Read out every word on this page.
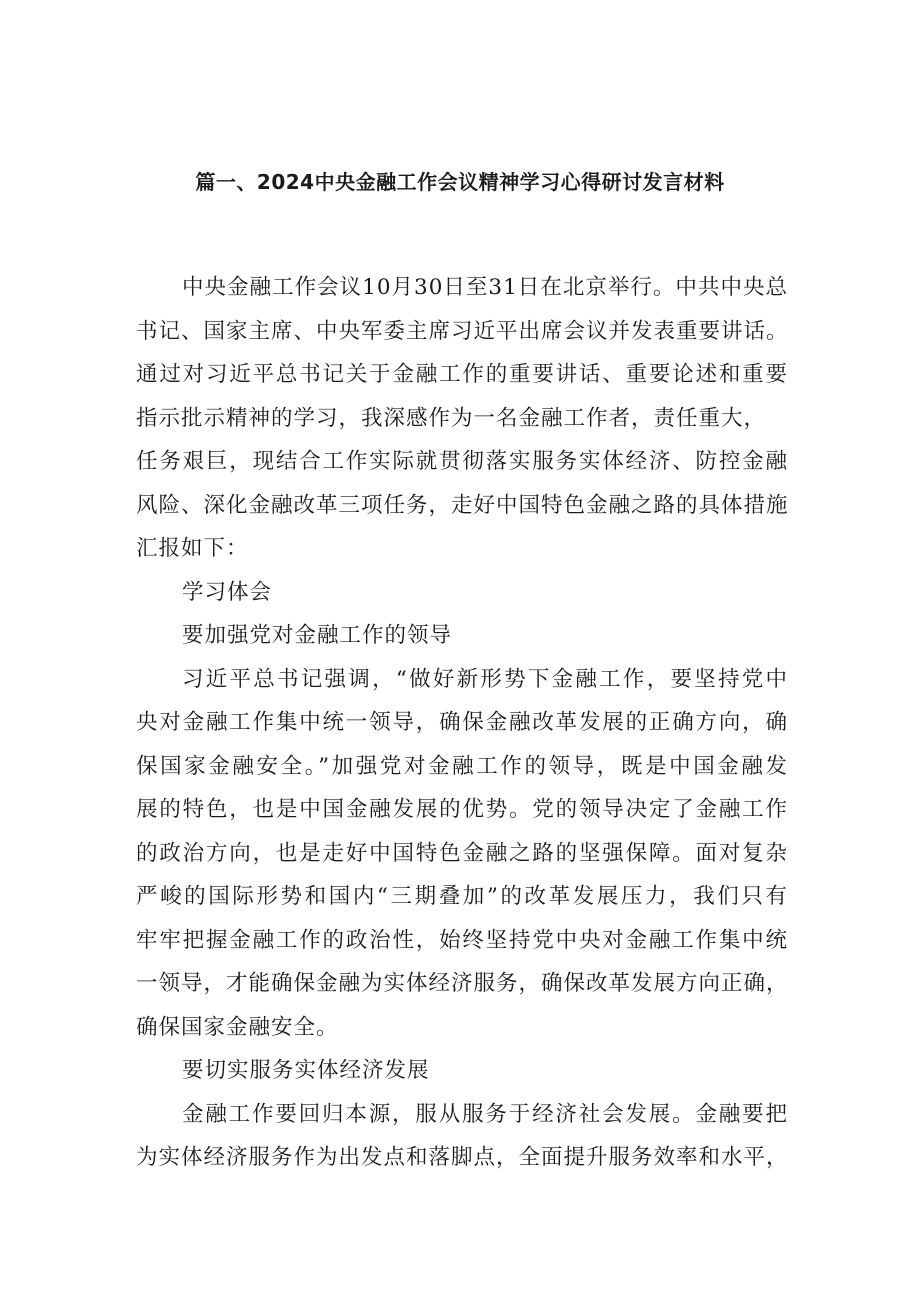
篇一、2024中央金融工作会议精神学习心得研讨发言材料
中央金融工作会议10月30日至31日在北京举行。中共中央总
书记、国家主席、中央军委主席习近平出席会议并发表重要讲话。
通过对习近平总书记关于金融工作的重要讲话、重要论述和重要
指示批示精神的学习，我深感作为一名金融工作者，责任重大，
任务艰巨，现结合工作实际就贯彻落实服务实体经济、防控金融
风险、深化金融改革三项任务，走好中国特色金融之路的具体措施
汇报如下：
学习体会
要加强党对金融工作的领导
习近平总书记强调，“做好新形势下金融工作，要坚持党中
央对金融工作集中统一领导，确保金融改革发展的正确方向，确
保国家金融安全。”加强党对金融工作的领导，既是中国金融发
展的特色，也是中国金融发展的优势。党的领导决定了金融工作
的政治方向，也是走好中国特色金融之路的坚强保障。面对复杂
严峻的国际形势和国内“三期叠加”的改革发展压力，我们只有
牢牢把握金融工作的政治性，始终坚持党中央对金融工作集中统
一领导，才能确保金融为实体经济服务，确保改革发展方向正确，
确保国家金融安全。
要切实服务实体经济发展
金融工作要回归本源，服从服务于经济社会发展。金融要把
为实体经济服务作为出发点和落脚点，全面提升服务效率和水平，
